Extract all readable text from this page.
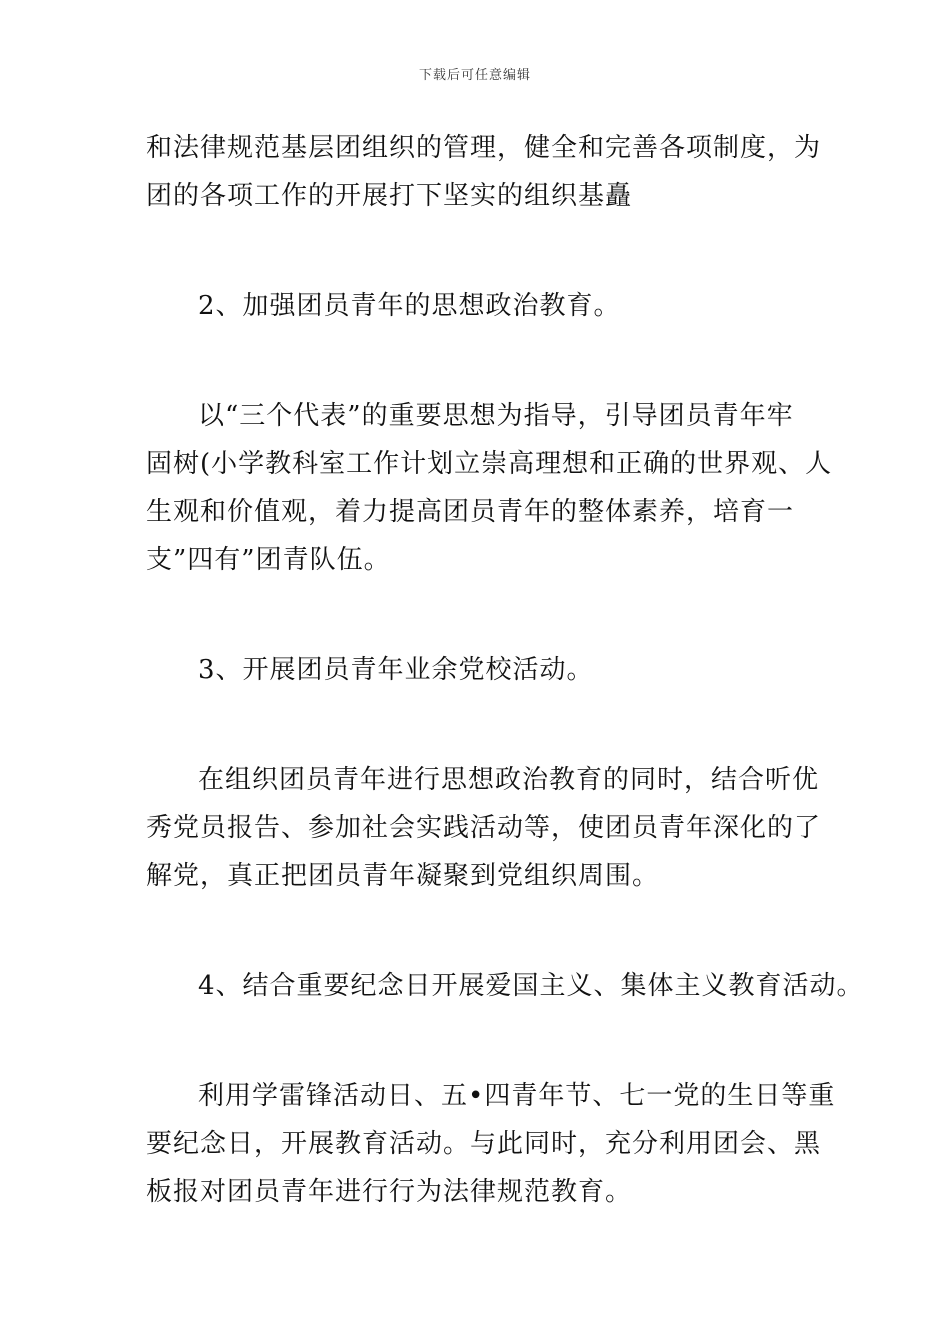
下载后可任意编辑
和法律规范基层团组织的管理，健全和完善各项制度，为
团的各项工作的开展打下坚实的组织基矗
2、加强团员青年的思想政治教育。
以“三个代表”的重要思想为指导，引导团员青年牢
固树(小学教科室工作计划立崇高理想和正确的世界观、人
生观和价值观，着力提高团员青年的整体素养，培育一
支”四有”团青队伍。
3、开展团员青年业余党校活动。
在组织团员青年进行思想政治教育的同时，结合听优
秀党员报告、参加社会实践活动等，使团员青年深化的了
解党，真正把团员青年凝聚到党组织周围。
4、结合重要纪念日开展爱国主义、集体主义教育活动。
利用学雷锋活动日、五•四青年节、七一党的生日等重
要纪念日，开展教育活动。与此同时，充分利用团会、黑
板报对团员青年进行行为法律规范教育。
